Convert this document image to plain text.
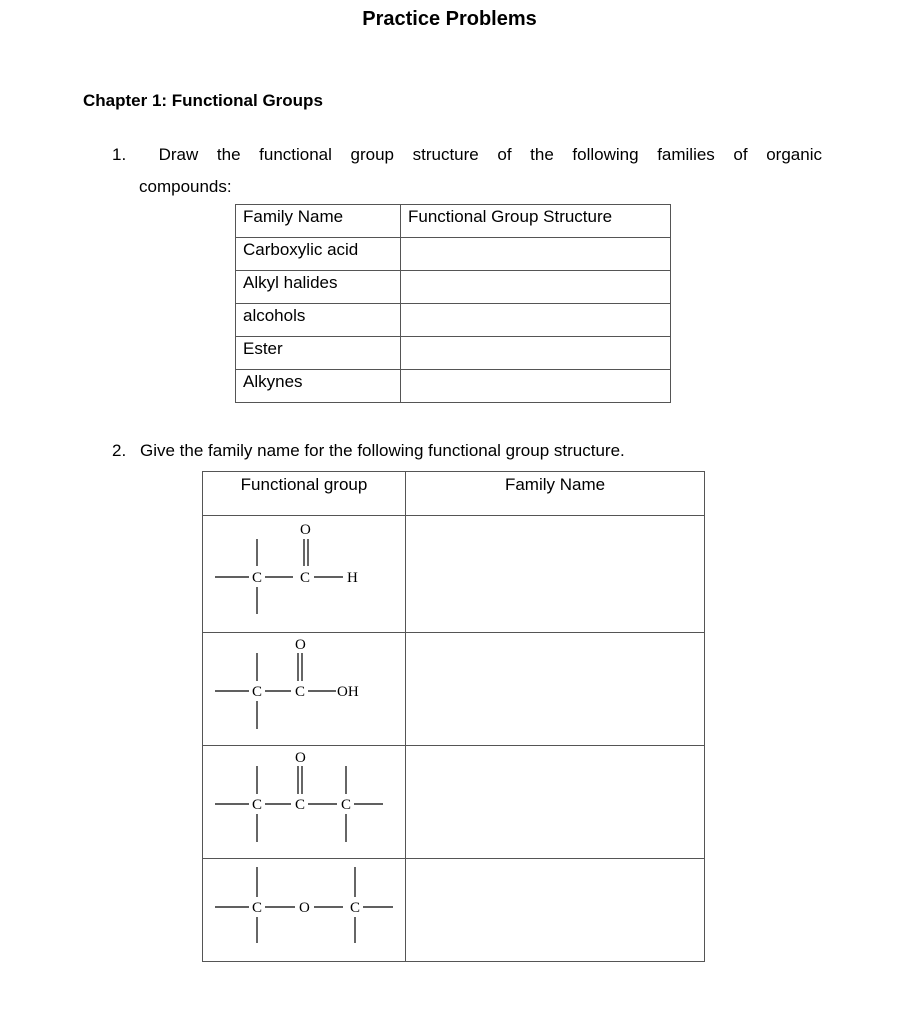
Practice Problems
Chapter 1: Functional Groups
1.	Draw the functional group structure of the following families of organic
compounds:
Family Name	Functional Group Structure
Carboxylic acid	
Alkyl halides	
alcohols	
Ester	
Alkynes	
2. Give the family name for the following functional group structure.
Functional group	Family Name

C C
O
H	

C C
O
OH	

C C
O
C	

C O C	
